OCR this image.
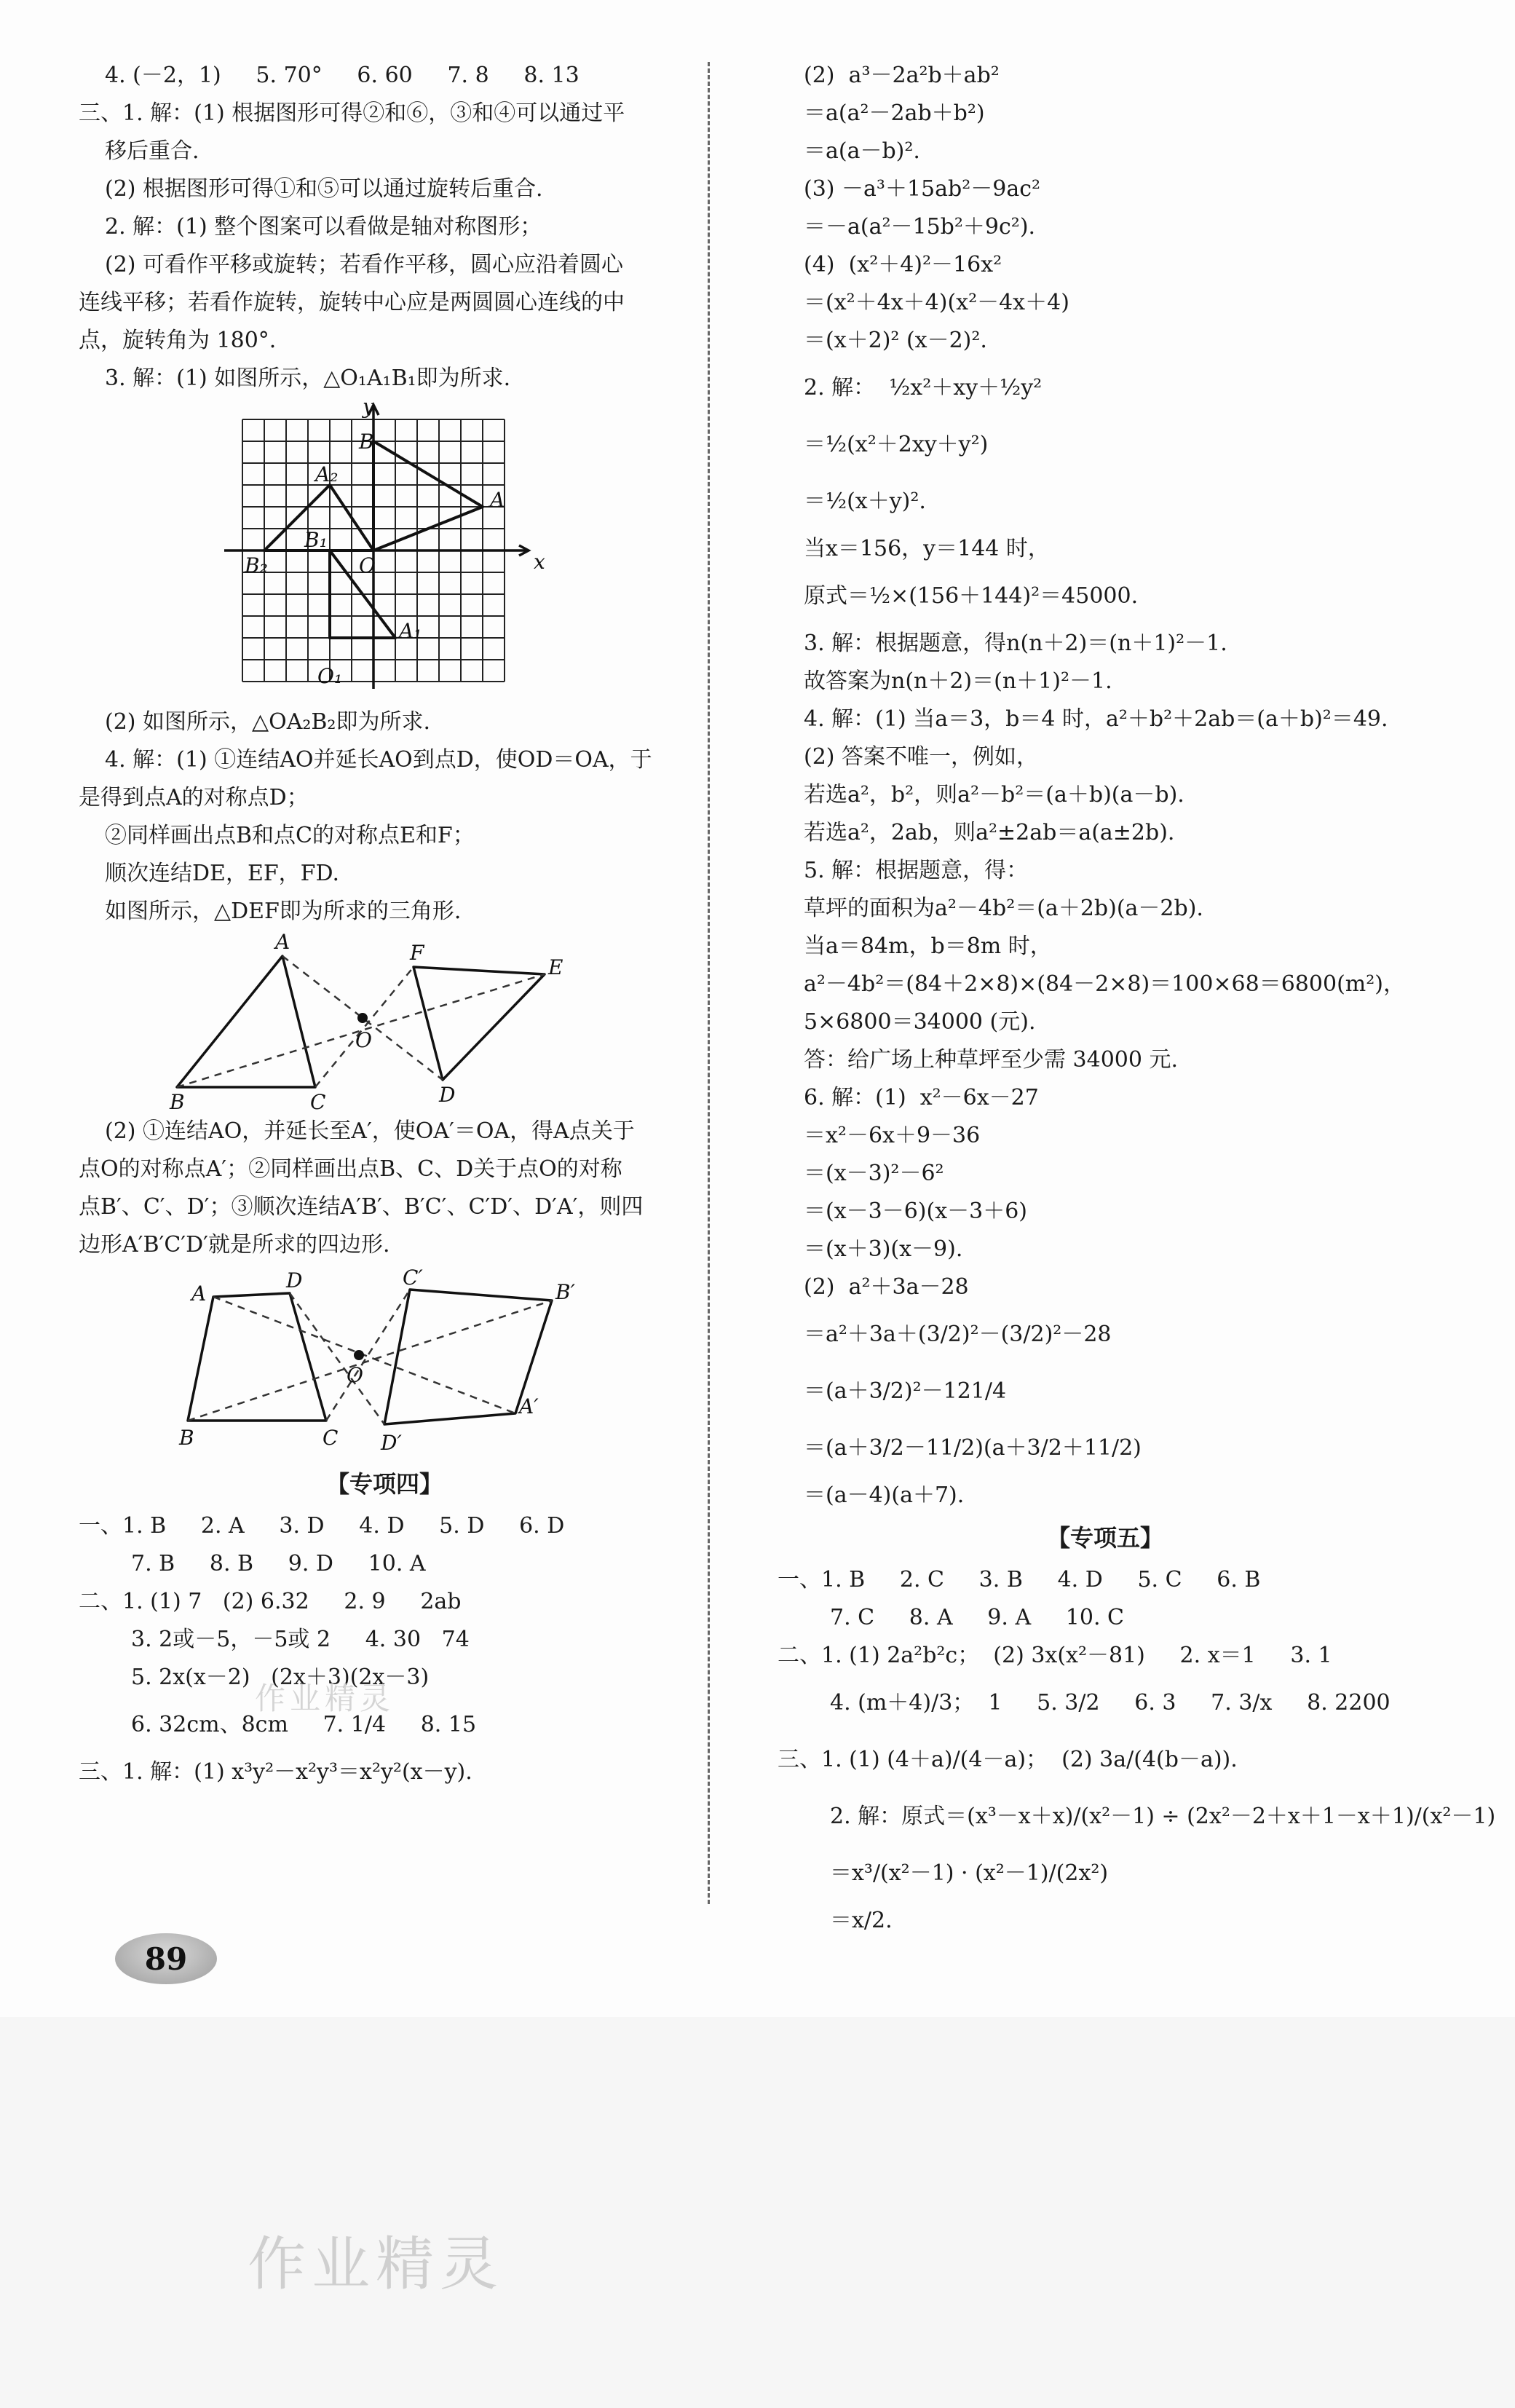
4. (－2，1)     5. 70°     6. 60     7. 8     8. 13
三、1. 解：(1) 根据图形可得②和⑥，③和④可以通过平
移后重合.
(2) 根据图形可得①和⑤可以通过旋转后重合.
2. 解：(1) 整个图案可以看做是轴对称图形；
(2) 可看作平移或旋转；若看作平移，圆心应沿着圆心
连线平移；若看作旋转，旋转中心应是两圆圆心连线的中
点，旋转角为 180°.
3. 解：(1) 如图所示，△O₁A₁B₁即为所求.
y
x
B
A₂
A
B₁
B₂	O
A₁
O₁
(2) 如图所示，△OA₂B₂即为所求.
4. 解：(1) ①连结AO并延长AO到点D，使OD＝OA，于
是得到点A的对称点D；
②同样画出点B和点C的对称点E和F；
顺次连结DE，EF，FD.
如图所示，△DEF即为所求的三角形.
A	F
E
O
B	C	D
(2) ①连结AO，并延长至A′，使OA′＝OA，得A点关于
点O的对称点A′；②同样画出点B、C、D关于点O的对称
点B′、C′、D′；③顺次连结A′B′、B′C′、C′D′、D′A′，则四
边形A′B′C′D′就是所求的四边形.
A
D	C′
B′
O
A′
B	C D′
【专项四】
一、1. B     2. A     3. D     4. D     5. D     6. D
7. B     8. B     9. D     10. A
二、1. (1) 7   (2) 6.32     2. 9     2ab
3. 2或－5，－5或 2     4. 30   74
5. 2x(x－2)   (2x＋3)(2x－3)
6. 32cm、8cm     7. 1/4     8. 15
三、1. 解：(1) x³y²－x²y³＝x²y²(x－y).
(2)  a³－2a²b＋ab²
＝a(a²－2ab＋b²)
＝a(a－b)².
(3) －a³＋15ab²－9ac²
＝－a(a²－15b²＋9c²).
(4)  (x²＋4)²－16x²
＝(x²＋4x＋4)(x²－4x＋4)
＝(x＋2)² (x－2)².
2. 解：  ½x²＋xy＋½y²
＝½(x²＋2xy＋y²)
＝½(x＋y)².
当x＝156，y＝144 时，
原式＝½×(156＋144)²＝45000.
3. 解：根据题意，得n(n＋2)＝(n＋1)²－1.
故答案为n(n＋2)＝(n＋1)²－1.
4. 解：(1) 当a＝3，b＝4 时，a²＋b²＋2ab＝(a＋b)²＝49.
(2) 答案不唯一，例如，
若选a²，b²，则a²－b²＝(a＋b)(a－b).
若选a²，2ab，则a²±2ab＝a(a±2b).
5. 解：根据题意，得：
草坪的面积为a²－4b²＝(a＋2b)(a－2b).
当a＝84m，b＝8m 时，
a²－4b²＝(84＋2×8)×(84－2×8)＝100×68＝6800(m²)，
5×6800＝34000 (元).
答：给广场上种草坪至少需 34000 元.
6. 解：(1)  x²－6x－27
＝x²－6x＋9－36
＝(x－3)²－6²
＝(x－3－6)(x－3＋6)
＝(x＋3)(x－9).
(2)  a²＋3a－28
＝a²＋3a＋(3/2)²－(3/2)²－28
＝(a＋3/2)²－121/4
＝(a＋3/2－11/2)(a＋3/2＋11/2)
＝(a－4)(a＋7).
【专项五】
一、1. B     2. C     3. B     4. D     5. C     6. B
7. C     8. A     9. A     10. C
二、1. (1) 2a²b²c；  (2) 3x(x²－81)     2. x＝1     3. 1
4. (m＋4)/3；  1     5. 3/2     6. 3     7. 3/x     8. 2200
三、1. (1) (4＋a)/(4－a)；  (2) 3a/(4(b－a)).
2. 解：原式＝(x³－x＋x)/(x²－1) ÷ (2x²－2＋x＋1－x＋1)/(x²－1)
＝x³/(x²－1) · (x²－1)/(2x²)
＝x/2.
作业精灵
89
作业精灵
